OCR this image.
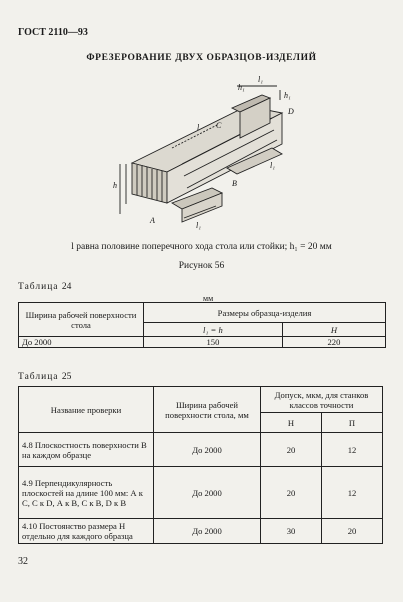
ГОСТ 2110—93
ФРЕЗЕРОВАНИЕ ДВУХ ОБРАЗЦОВ-ИЗДЕЛИЙ
h₁
l₁
h₁
D
C
l
h	B
l₁
A
l₁
l равна половине поперечного хода стола или стойки; h₁ = 20 мм
Рисунок 56
Таблица 24
мм
Ширина рабочей поверхности стола	Размеры образца-изделия	
	l₁ = h	H
До 2000	150	220
Таблица 25
Название проверки	Ширина рабочей поверхности стола, мм	Допуск, мкм, для станков классов точности	
		Н	П
4.8 Плоскостность поверхности В на каждом образце	До 2000	20	12
4.9 Перпендикулярность плоскостей на длине 100 мм: А к С, С к D, А к В, С к В, D к В	До 2000	20	12
4.10 Постоянство размера H отдельно для каждого образца	До 2000	30	20
32
